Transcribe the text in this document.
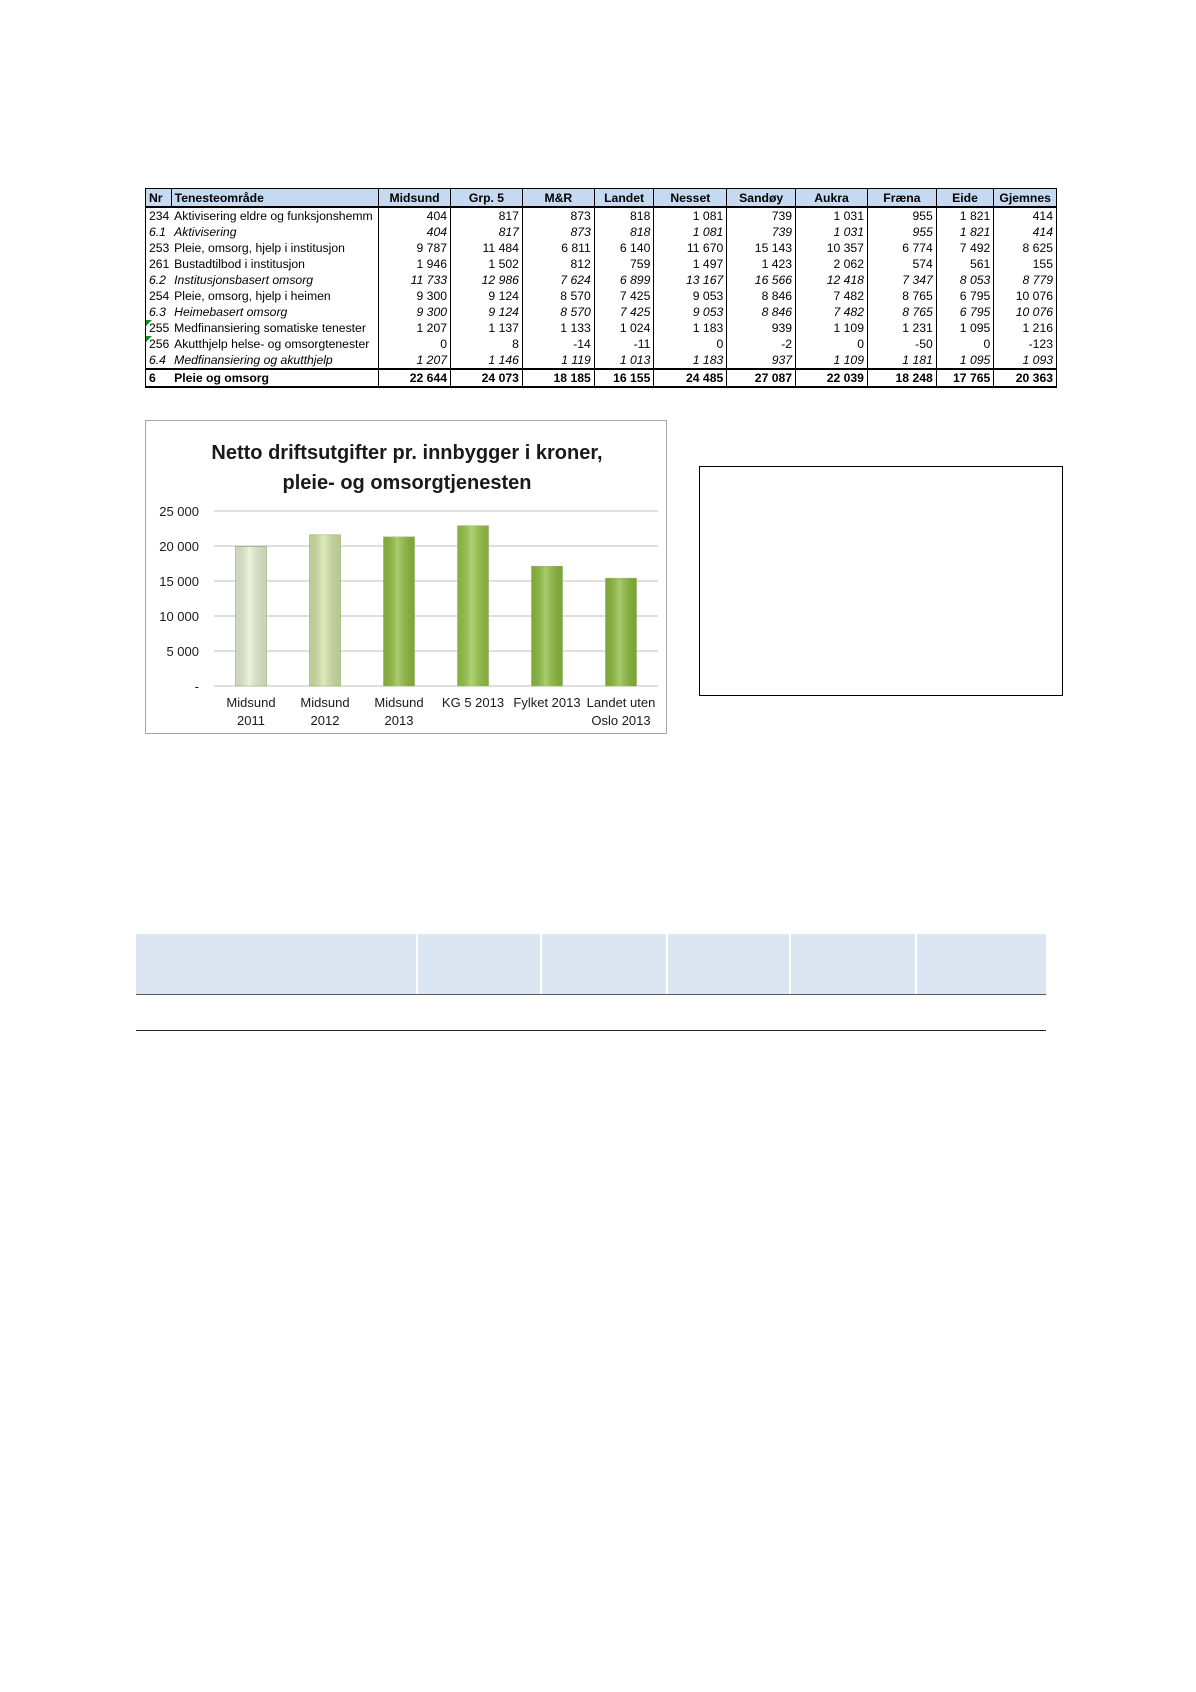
Nr	Tenesteområde	Midsund	Grp. 5	M&R	Landet	Nesset	Sandøy	Aukra	Fræna	Eide	Gjemnes
234	Aktivisering eldre og funksjonshemm	404	817	873	818	1 081	739	1 031	955	1 821	414
6.1	Aktivisering	404	817	873	818	1 081	739	1 031	955	1 821	414
253	Pleie, omsorg, hjelp i institusjon	9 787	11 484	6 811	6 140	11 670	15 143	10 357	6 774	7 492	8 625
261	Bustadtilbod i institusjon	1 946	1 502	812	759	1 497	1 423	2 062	574	561	155
6.2	Institusjonsbasert omsorg	11 733	12 986	7 624	6 899	13 167	16 566	12 418	7 347	8 053	8 779
254	Pleie, omsorg, hjelp i heimen	9 300	9 124	8 570	7 425	9 053	8 846	7 482	8 765	6 795	10 076
6.3	Heimebasert omsorg	9 300	9 124	8 570	7 425	9 053	8 846	7 482	8 765	6 795	10 076
255	Medfinansiering somatiske tenester	1 207	1 137	1 133	1 024	1 183	939	1 109	1 231	1 095	1 216
256	Akutthjelp helse- og omsorgtenester	0	8	-14	-11	0	-2	0	-50	0	-123
6.4	Medfinansiering og akutthjelp	1 207	1 146	1 119	1 013	1 183	937	1 109	1 181	1 095	1 093
6	Pleie og omsorg	22 644	24 073	18 185	16 155	24 485	27 087	22 039	18 248	17 765	20 363
Netto driftsutgifter pr. innbygger i kroner,
pleie- og omsorgtjenesten
-
5 000
10 000
15 000
20 000
25 000
Midsund
2011
Midsund
2012
Midsund
2013
KG 5 2013 Fylket 2013 Landet uten
Oslo 2013
